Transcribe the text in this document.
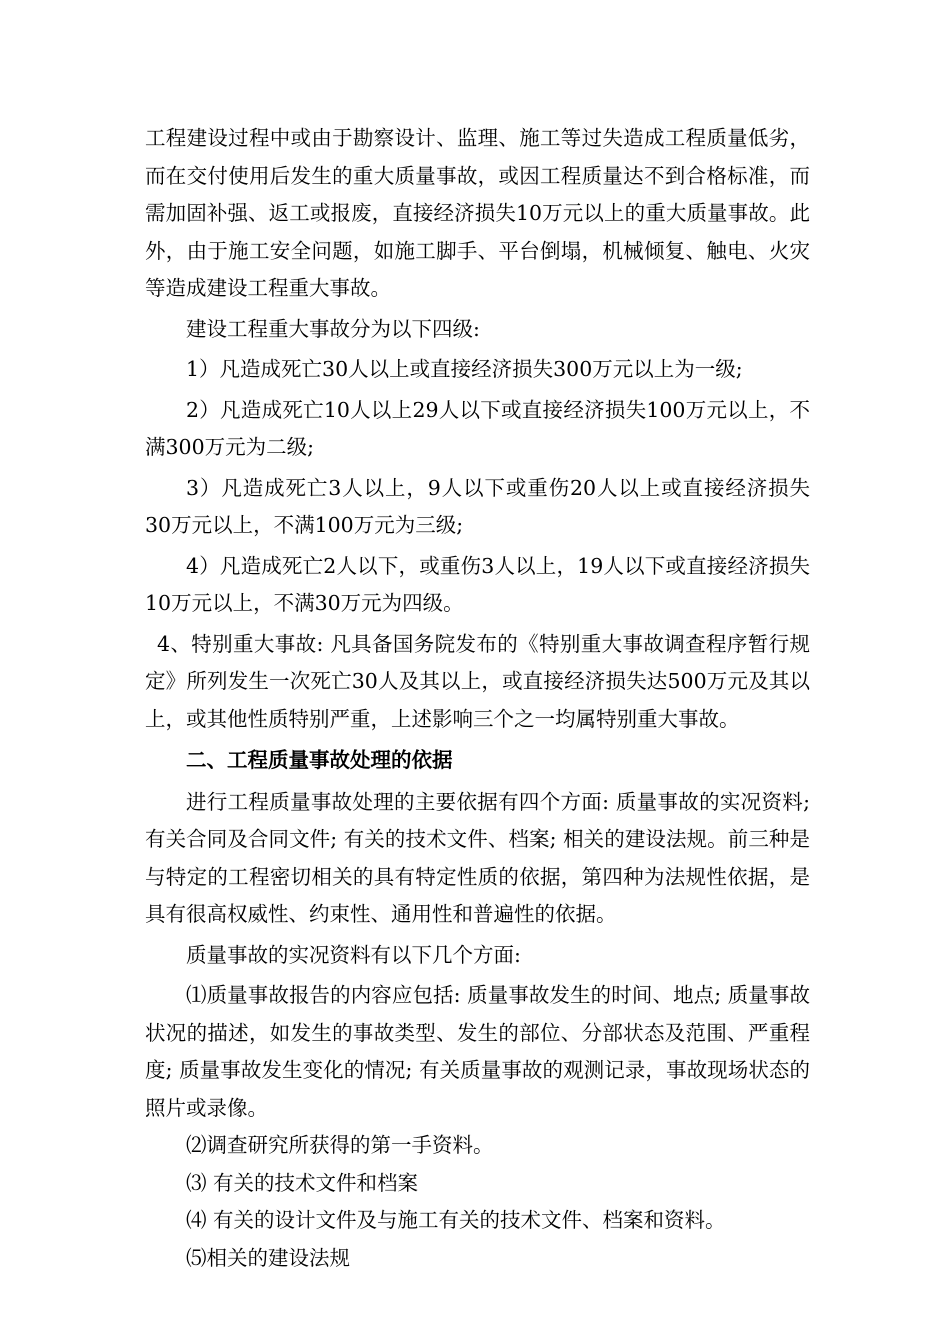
工程建设过程中或由于勘察设计、监理、施工等过失造成工程质量低劣，而在交付使用后发生的重大质量事故，或因工程质量达不到合格标准，而需加固补强、返工或报废，直接经济损失10万元以上的重大质量事故。此外，由于施工安全问题，如施工脚手、平台倒塌，机械倾复、触电、火灾等造成建设工程重大事故。

建设工程重大事故分为以下四级:

1）凡造成死亡30人以上或直接经济损失300万元以上为一级;

2）凡造成死亡10人以上29人以下或直接经济损失100万元以上，不满300万元为二级;

3）凡造成死亡3人以上，9人以下或重伤20人以上或直接经济损失30万元以上，不满100万元为三级;

4）凡造成死亡2人以下，或重伤3人以上，19人以下或直接经济损失10万元以上，不满30万元为四级。

4、特别重大事故: 凡具备国务院发布的《特别重大事故调查程序暂行规定》所列发生一次死亡30人及其以上，或直接经济损失达500万元及其以上，或其他性质特别严重，上述影响三个之一均属特别重大事故。

二、工程质量事故处理的依据

进行工程质量事故处理的主要依据有四个方面: 质量事故的实况资料; 有关合同及合同文件; 有关的技术文件、档案; 相关的建设法规。前三种是与特定的工程密切相关的具有特定性质的依据，第四种为法规性依据，是具有很高权威性、约束性、通用性和普遍性的依据。

质量事故的实况资料有以下几个方面:

⑴质量事故报告的内容应包括: 质量事故发生的时间、地点; 质量事故状况的描述，如发生的事故类型、发生的部位、分部状态及范围、严重程度; 质量事故发生变化的情况; 有关质量事故的观测记录，事故现场状态的照片或录像。

⑵调查研究所获得的第一手资料。

⑶ 有关的技术文件和档案

⑷ 有关的设计文件及与施工有关的技术文件、档案和资料。

⑸相关的建设法规
